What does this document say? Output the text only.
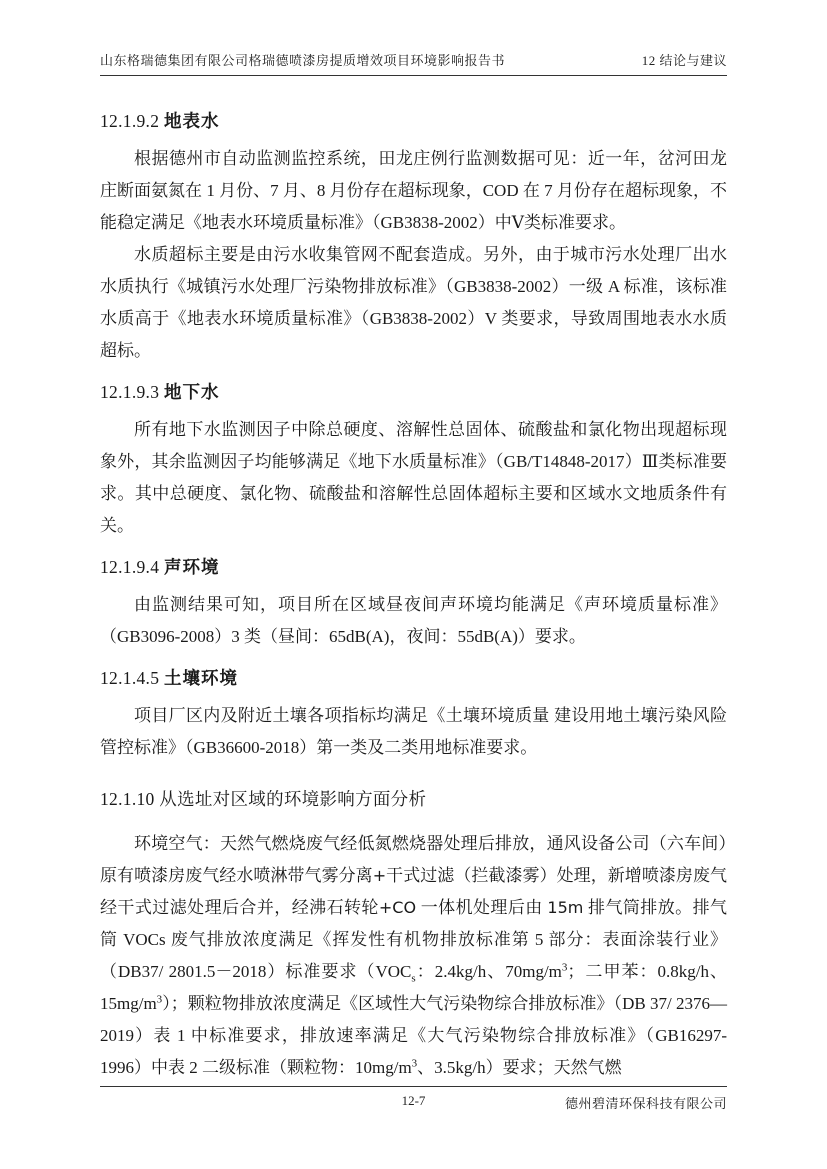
山东格瑞德集团有限公司格瑞德喷漆房提质增效项目环境影响报告书	12 结论与建议
12.1.9.2 地表水

根据德州市自动监测监控系统，田龙庄例行监测数据可见：近一年，岔河田龙庄断面氨氮在 1 月份、7 月、8 月份存在超标现象，COD 在 7 月份存在超标现象，不能稳定满足《地表水环境质量标准》（GB3838-2002）中Ⅴ类标准要求。

水质超标主要是由污水收集管网不配套造成。另外，由于城市污水处理厂出水水质执行《城镇污水处理厂污染物排放标准》（GB3838-2002）一级 A 标准，该标准水质高于《地表水环境质量标准》（GB3838-2002）V 类要求，导致周围地表水水质超标。

12.1.9.3 地下水

所有地下水监测因子中除总硬度、溶解性总固体、硫酸盐和氯化物出现超标现象外，其余监测因子均能够满足《地下水质量标准》（GB/T14848-2017）Ⅲ类标准要求。其中总硬度、氯化物、硫酸盐和溶解性总固体超标主要和区域水文地质条件有关。

12.1.9.4 声环境

由监测结果可知，项目所在区域昼夜间声环境均能满足《声环境质量标准》（GB3096-2008）3 类（昼间：65dB(A)，夜间：55dB(A)）要求。

12.1.4.5 土壤环境

项目厂区内及附近土壤各项指标均满足《土壤环境质量 建设用地土壤污染风险管控标准》（GB36600-2018）第一类及二类用地标准要求。

12.1.10 从选址对区域的环境影响方面分析

环境空气：天然气燃烧废气经低氮燃烧器处理后排放，通风设备公司（六车间）原有喷漆房废气经水喷淋带气雾分离+干式过滤（拦截漆雾）处理，新增喷漆房废气经干式过滤处理后合并，经沸石转轮+CO 一体机处理后由 15m 排气筒排放。排气筒 VOCs 废气排放浓度满足《挥发性有机物排放标准第 5 部分：表面涂装行业》（DB37/ 2801.5－2018）标准要求（$VOC_s$：2.4kg/h、$70mg/m^3$；二甲苯：0.8kg/h、$15mg/m^3$）；颗粒物排放浓度满足《区域性大气污染物综合排放标准》（DB 37/ 2376—2019）表 1 中标准要求，排放速率满足《大气污染物综合排放标准》（GB16297-1996）中表 2 二级标准（颗粒物：$10mg/m^3$、3.5kg/h）要求；天然气燃

12-7	德州碧清环保科技有限公司
